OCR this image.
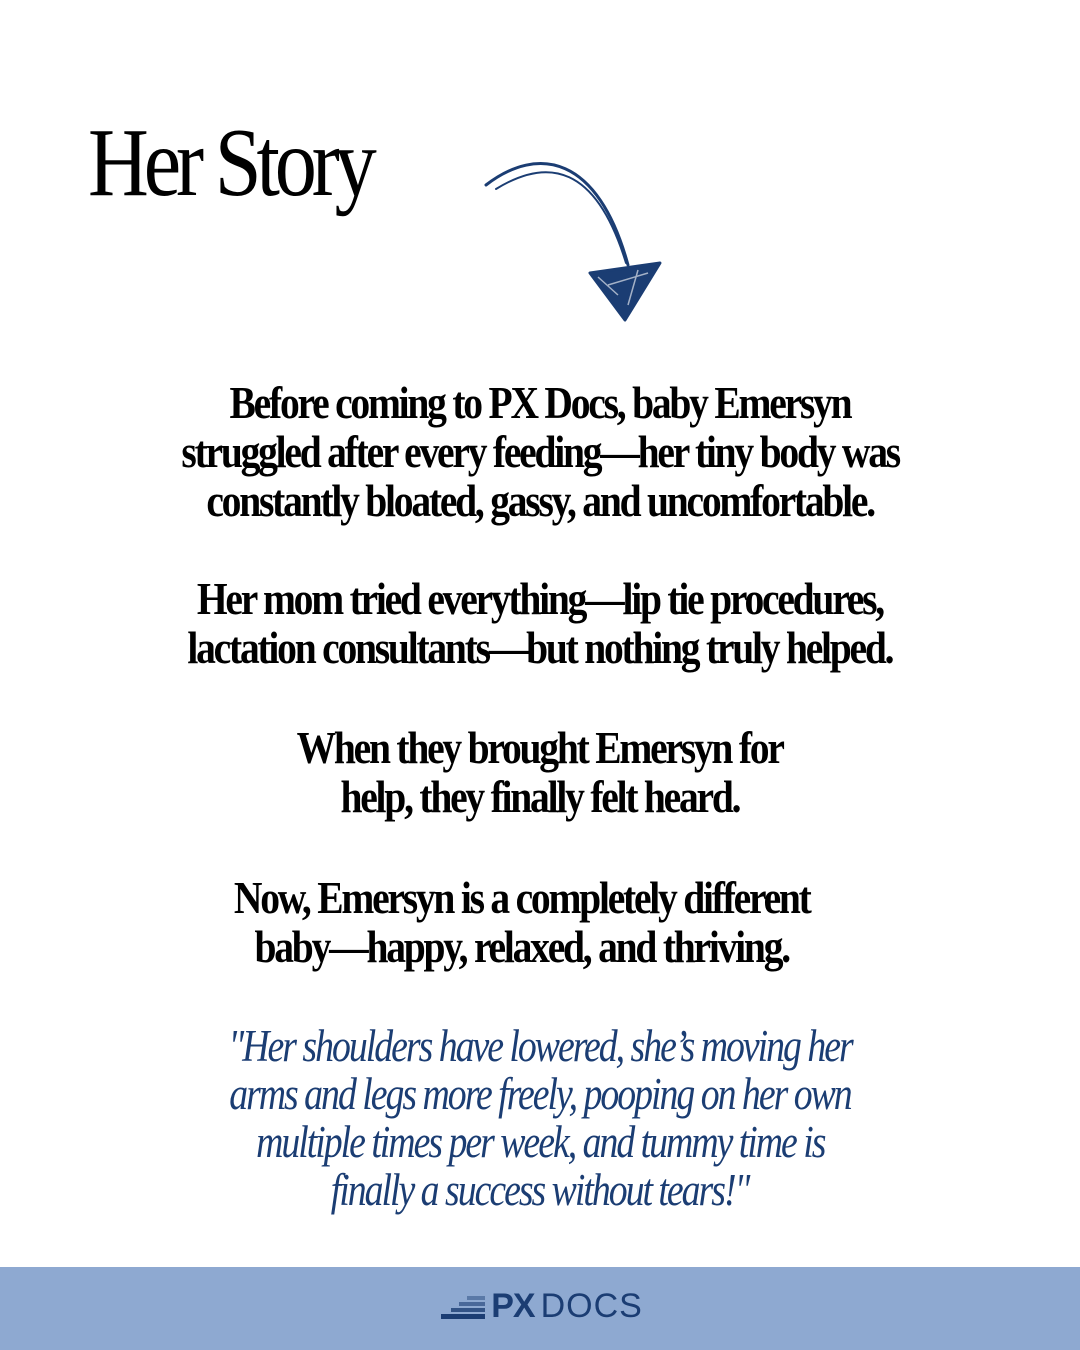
Her Story

Before coming to PX Docs, baby Emersyn
struggled after every feeding—her tiny body was
constantly bloated, gassy, and uncomfortable.

Her mom tried everything—lip tie procedures,
lactation consultants—but nothing truly helped.

When they brought Emersyn for
help, they finally felt heard.

Now, Emersyn is a completely different
baby—happy, relaxed, and thriving.

"Her shoulders have lowered, she’s moving her
arms and legs more freely, pooping on her own
multiple times per week, and tummy time is
finally a success without tears!"

PX DOCS
